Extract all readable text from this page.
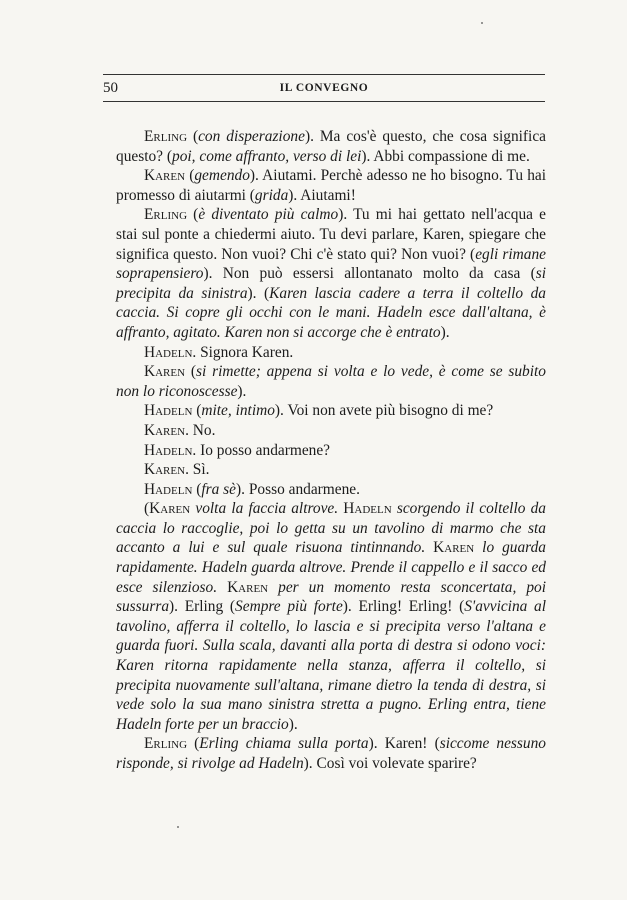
50	IL CONVEGNO

Erling (con disperazione). Ma cos'è questo, che cosa significa questo? (poi, come affranto, verso di lei). Abbi compassione di me.

Karen (gemendo). Aiutami. Perchè adesso ne ho bisogno. Tu hai promesso di aiutarmi (grida). Aiutami!

Erling (è diventato più calmo). Tu mi hai gettato nell'acqua e stai sul ponte a chiedermi aiuto. Tu devi parlare, Karen, spiegare che significa questo. Non vuoi? Chi c'è stato qui? Non vuoi? (egli rimane soprapensiero). Non può essersi allontanato molto da casa (si precipita da sinistra). (Karen lascia cadere a terra il coltello da caccia. Si copre gli occhi con le mani. Hadeln esce dall'altana, è affranto, agitato. Karen non si accorge che è entrato).

Hadeln. Signora Karen.

Karen (si rimette; appena si volta e lo vede, è come se subito non lo riconoscesse).

Hadeln (mite, intimo). Voi non avete più bisogno di me?

Karen. No.

Hadeln. Io posso andarmene?

Karen. Sì.

Hadeln (fra sè). Posso andarmene.

(Karen volta la faccia altrove. Hadeln scorgendo il coltello da caccia lo raccoglie, poi lo getta su un tavolino di marmo che sta accanto a lui e sul quale risuona tintinnando. Karen lo guarda rapidamente. Hadeln guarda altrove. Prende il cappello e il sacco ed esce silenzioso. Karen per un momento resta sconcertata, poi sussurra). Erling (Sempre più forte). Erling! Erling! (S'avvicina al tavolino, afferra il coltello, lo lascia e si precipita verso l'altana e guarda fuori. Sulla scala, davanti alla porta di destra si odono voci: Karen ritorna rapidamente nella stanza, afferra il coltello, si precipita nuovamente sull'altana, rimane dietro la tenda di destra, si vede solo la sua mano sinistra stretta a pugno. Erling entra, tiene Hadeln forte per un braccio).

Erling (Erling chiama sulla porta). Karen! (siccome nessuno risponde, si rivolge ad Hadeln). Così voi volevate sparire?
